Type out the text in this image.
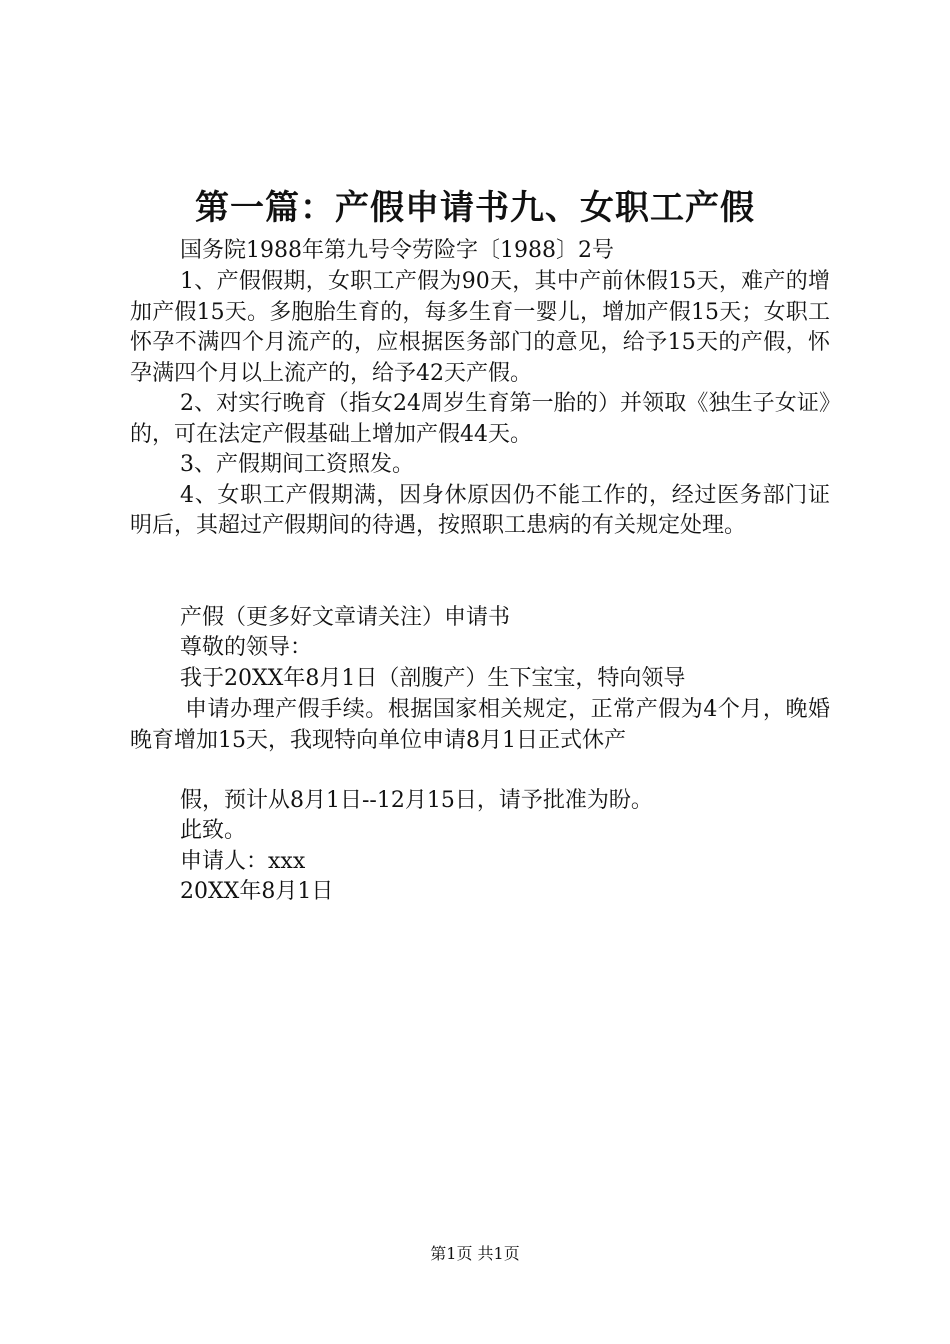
第一篇：产假申请书九、女职工产假
国务院1988年第九号令劳险字〔1988〕2号

1、产假假期，女职工产假为90天，其中产前休假15天，难产的增加产假15天。多胞胎生育的，每多生育一婴儿，增加产假15天；女职工怀孕不满四个月流产的，应根据医务部门的意见，给予15天的产假，怀孕满四个月以上流产的，给予42天产假。

2、对实行晚育（指女24周岁生育第一胎的）并领取《独生子女证》的，可在法定产假基础上增加产假44天。

3、产假期间工资照发。

4、女职工产假期满，因身休原因仍不能工作的，经过医务部门证明后，其超过产假期间的待遇，按照职工患病的有关规定处理。

产假（更多好文章请关注）申请书
尊敬的领导：
我于20XX年8月1日（剖腹产）生下宝宝，特向领导

申请办理产假手续。根据国家相关规定，正常产假为4个月，晚婚晚育增加15天，我现特向单位申请8月1日正式休产

假，预计从8月1日--12月15日，请予批准为盼。
此致。
申请人：xxx
20XX年8月1日
第1页 共1页
